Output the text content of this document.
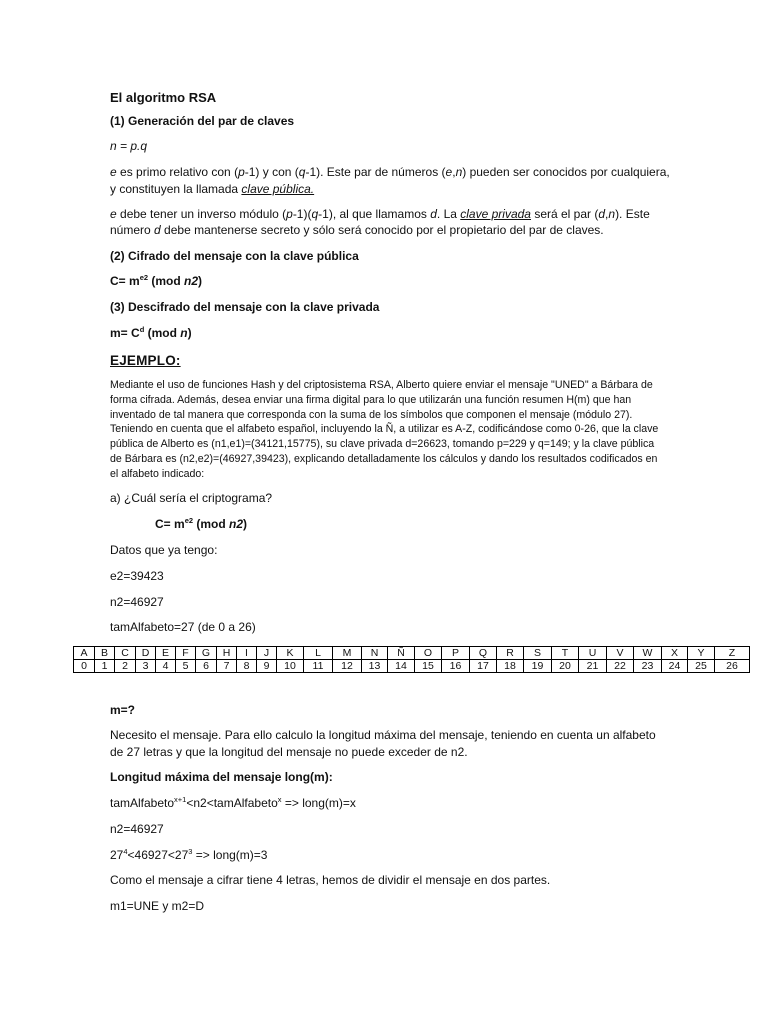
El algoritmo RSA

(1) Generación del par de claves

n = p.q

e es primo relativo con (p-1) y con (q-1). Este par de números (e,n) pueden ser conocidos por cualquiera,

y constituyen la llamada clave pública.

e debe tener un inverso módulo (p-1)(q-1), al que llamamos d. La clave privada será el par (d,n). Este

número d debe mantenerse secreto y sólo será conocido por el propietario del par de claves.

(2) Cifrado del mensaje con la clave pública

$C= m^{e2}$ (mod n2)

(3) Descifrado del mensaje con la clave privada

$m= C^d$ (mod n)

EJEMPLO:

Mediante el uso de funciones Hash y del criptosistema RSA, Alberto quiere enviar el mensaje "UNED" a Bárbara de
forma cifrada. Además, desea enviar una firma digital para lo que utilizarán una función resumen H(m) que han
inventado de tal manera que corresponda con la suma de los símbolos que componen el mensaje (módulo 27).
Teniendo en cuenta que el alfabeto español, incluyendo la Ñ, a utilizar es A-Z, codificándose como 0-26, que la clave
pública de Alberto es (n1,e1)=(34121,15775), su clave privada d=26623, tomando p=229 y q=149; y la clave pública
de Bárbara es (n2,e2)=(46927,39423), explicando detalladamente los cálculos y dando los resultados codificados en
el alfabeto indicado:

a) ¿Cuál sería el criptograma?

$C= m^{e2}$ (mod n2)

Datos que ya tengo:

e2=39423

n2=46927

tamAlfabeto=27 (de 0 a 26)

A	B	C	D	E	F	G	H	I	J	K	L	M	N	Ñ	O	P	Q	R	S	T	U	V	W	X	Y	Z
0	1	2	3	4	5	6	7	8	9	10	11	12	13	14	15	16	17	18	19	20	21	22	23	24	25	26

m=?

Necesito el mensaje. Para ello calculo la longitud máxima del mensaje, teniendo en cuenta un alfabeto

de 27 letras y que la longitud del mensaje no puede exceder de n2.

Longitud máxima del mensaje long(m):

tamAlfabeto$^{x+1}$<n2<tamAlfabeto$^x$ => long(m)=x

n2=46927

$27^4<46927<27^3$ => long(m)=3

Como el mensaje a cifrar tiene 4 letras, hemos de dividir el mensaje en dos partes.

m1=UNE y m2=D
